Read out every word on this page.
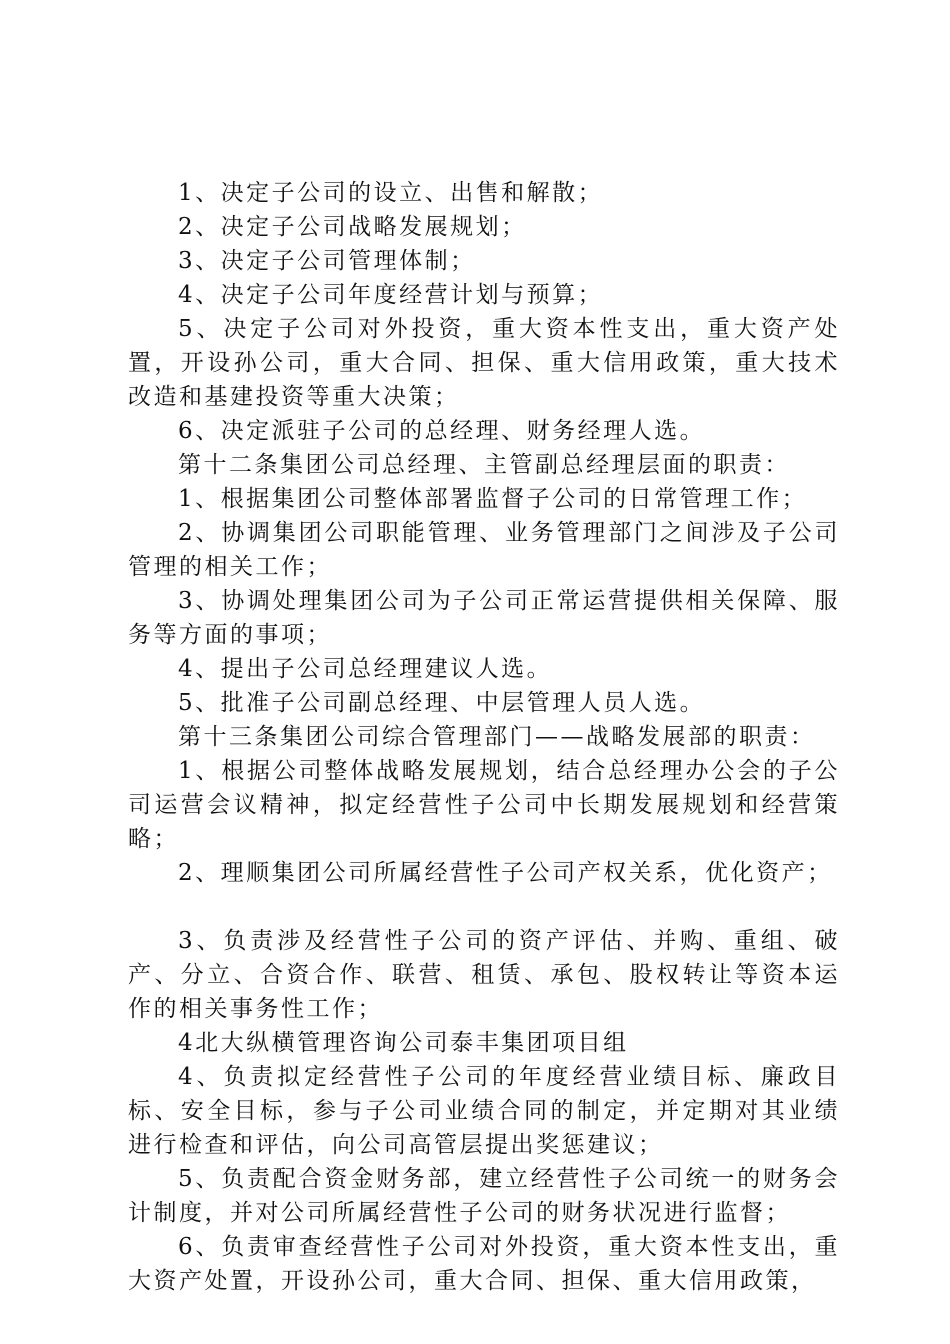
1、决定子公司的设立、出售和解散；

2、决定子公司战略发展规划；

3、决定子公司管理体制；

4、决定子公司年度经营计划与预算；

5、决定子公司对外投资，重大资本性支出，重大资产处置，开设孙公司，重大合同、担保、重大信用政策，重大技术改造和基建投资等重大决策；

6、决定派驻子公司的总经理、财务经理人选。

第十二条集团公司总经理、主管副总经理层面的职责：

1、根据集团公司整体部署监督子公司的日常管理工作；

2、协调集团公司职能管理、业务管理部门之间涉及子公司管理的相关工作；

3、协调处理集团公司为子公司正常运营提供相关保障、服务等方面的事项；

4、提出子公司总经理建议人选。

5、批准子公司副总经理、中层管理人员人选。

第十三条集团公司综合管理部门——战略发展部的职责：

1、根据公司整体战略发展规划，结合总经理办公会的子公司运营会议精神，拟定经营性子公司中长期发展规划和经营策略；

2、理顺集团公司所属经营性子公司产权关系，优化资产；

3、负责涉及经营性子公司的资产评估、并购、重组、破产、分立、合资合作、联营、租赁、承包、股权转让等资本运作的相关事务性工作；

4北大纵横管理咨询公司泰丰集团项目组

4、负责拟定经营性子公司的年度经营业绩目标、廉政目标、安全目标，参与子公司业绩合同的制定，并定期对其业绩进行检查和评估，向公司高管层提出奖惩建议；

5、负责配合资金财务部，建立经营性子公司统一的财务会计制度，并对公司所属经营性子公司的财务状况进行监督；

6、负责审查经营性子公司对外投资，重大资本性支出，重大资产处置，开设孙公司，重大合同、担保、重大信用政策，
